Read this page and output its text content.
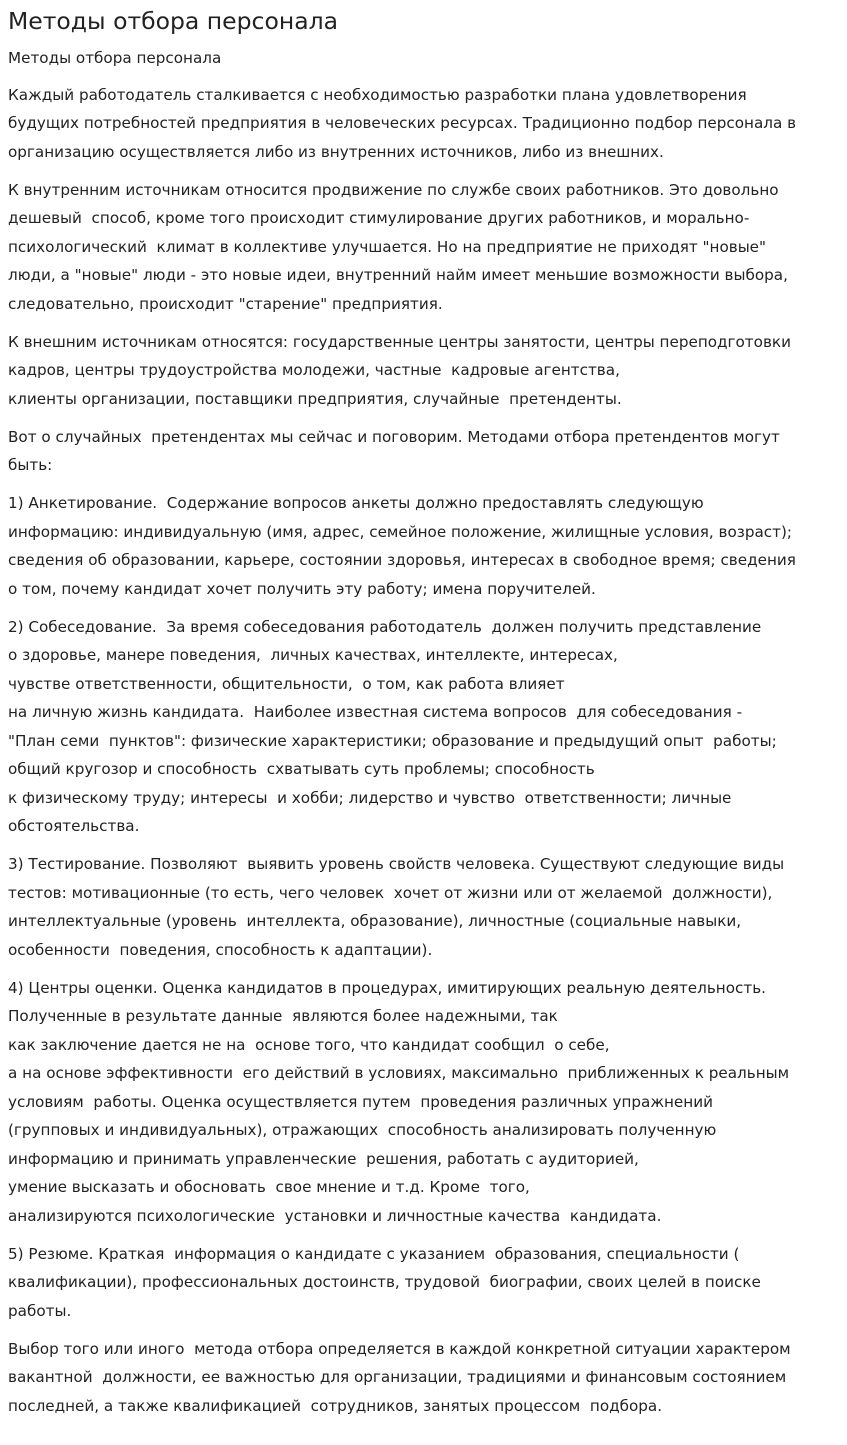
Методы отбора персонала
Методы отбора персонала
Каждый работодатель сталкивается с необходимостью разработки плана удовлетворения
будущих потребностей предприятия в человеческих ресурсах. Традиционно подбор персонала в
организацию осуществляется либо из внутренних источников, либо из внешних.
К внутренним источникам относится продвижение по службе своих работников. Это довольно
дешевый  способ, кроме того происходит стимулирование других работников, и морально-
психологический  климат в коллективе улучшается. Но на предприятие не приходят "новые"
люди, а "новые" люди - это новые идеи, внутренний найм имеет меньшие возможности выбора,
следовательно, происходит "старение" предприятия.
К внешним источникам относятся: государственные центры занятости, центры переподготовки
кадров, центры трудоустройства молодежи, частные  кадровые агентства,
клиенты организации, поставщики предприятия, случайные  претенденты.
Вот о случайных  претендентах мы сейчас и поговорим. Методами отбора претендентов могут
быть:
1) Анкетирование.  Содержание вопросов анкеты должно предоставлять следующую
информацию: индивидуальную (имя, адрес, семейное положение, жилищные условия, возраст);
сведения об образовании, карьере, состоянии здоровья, интересах в свободное время; сведения
о том, почему кандидат хочет получить эту работу; имена поручителей.
2) Собеседование.  За время собеседования работодатель  должен получить представление
о здоровье, манере поведения,  личных качествах, интеллекте, интересах,
чувстве ответственности, общительности,  о том, как работа влияет
на личную жизнь кандидата.  Наиболее известная система вопросов  для собеседования -
"План семи  пунктов": физические характеристики; образование и предыдущий опыт  работы;
общий кругозор и способность  схватывать суть проблемы; способность
к физическому труду; интересы  и хобби; лидерство и чувство  ответственности; личные
обстоятельства.
3) Тестирование. Позволяют  выявить уровень свойств человека. Существуют следующие виды
тестов: мотивационные (то есть, чего человек  хочет от жизни или от желаемой  должности),
интеллектуальные (уровень  интеллекта, образование), личностные (социальные навыки,
особенности  поведения, способность к адаптации).
4) Центры оценки. Оценка кандидатов в процедурах, имитирующих реальную деятельность.
Полученные в результате данные  являются более надежными, так
как заключение дается не на  основе того, что кандидат сообщил  о себе,
а на основе эффективности  его действий в условиях, максимально  приближенных к реальным
условиям  работы. Оценка осуществляется путем  проведения различных упражнений
(групповых и индивидуальных), отражающих  способность анализировать полученную
информацию и принимать управленческие  решения, работать с аудиторией,
умение высказать и обосновать  свое мнение и т.д. Кроме  того,
анализируются психологические  установки и личностные качества  кандидата.
5) Резюме. Краткая  информация о кандидате с указанием  образования, специальности (
квалификации), профессиональных достоинств, трудовой  биографии, своих целей в поиске
работы.
Выбор того или иного  метода отбора определяется в каждой конкретной ситуации характером
вакантной  должности, ее важностью для организации, традициями и финансовым состоянием
последней, а также квалификацией  сотрудников, занятых процессом  подбора.
